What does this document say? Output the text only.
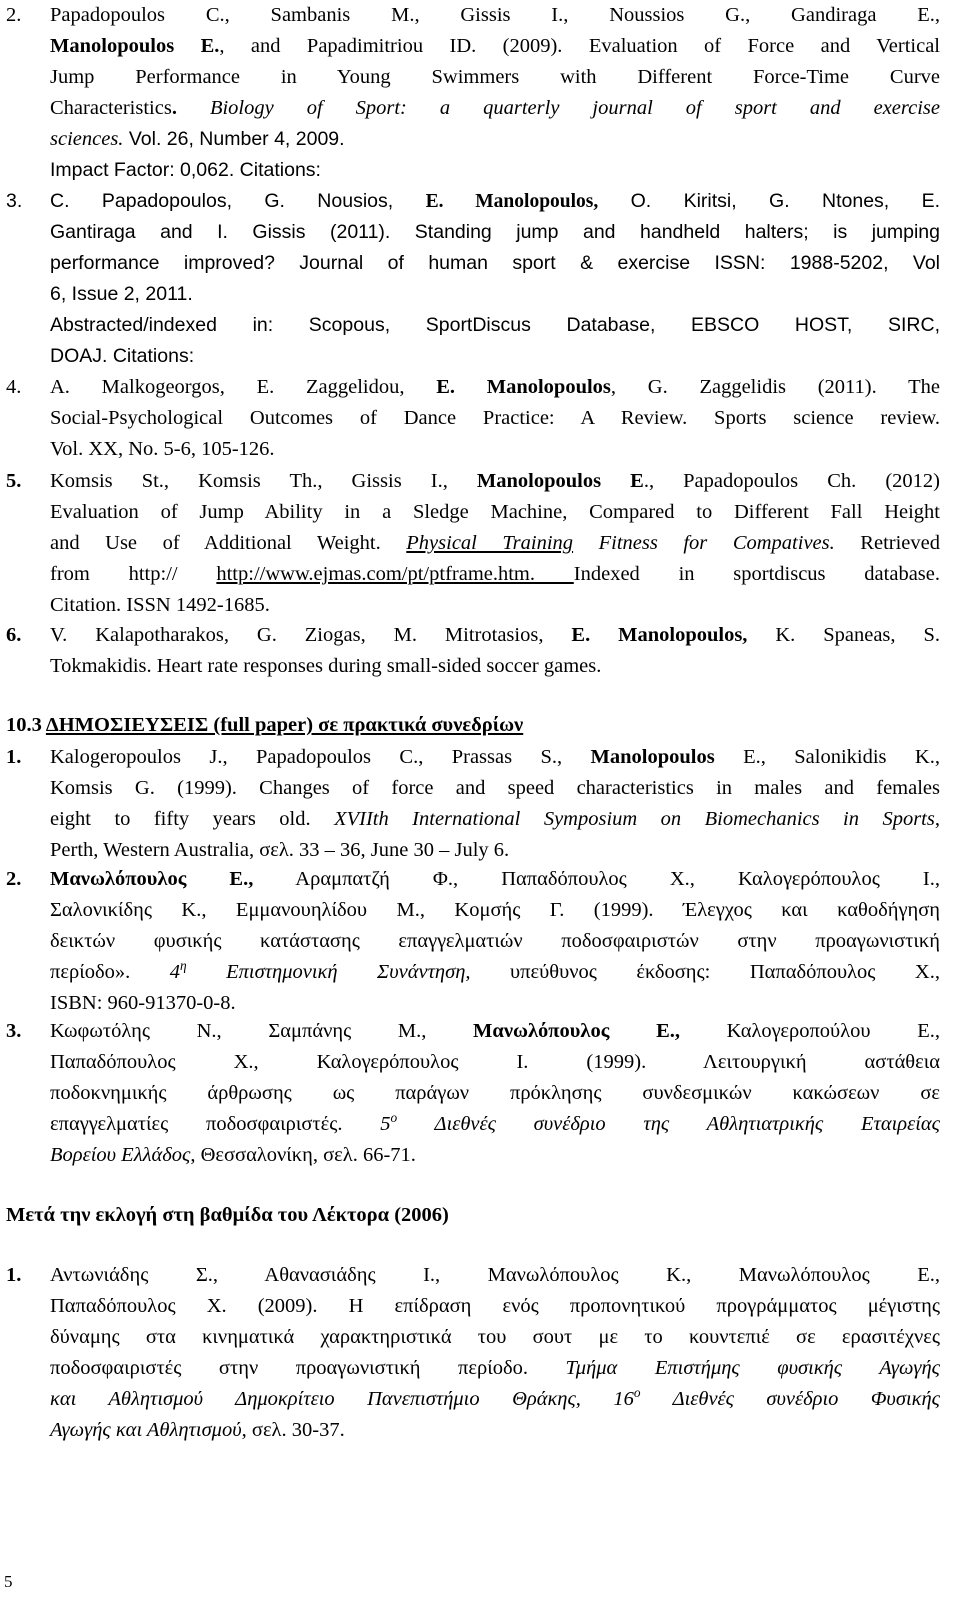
2. Papadopoulos C., Sambanis M., Gissis I., Noussios G., Gandiraga E.,
Manolopoulos E., and Papadimitriou ID. (2009). Evaluation of Force and Vertical
Jump Performance in Young Swimmers with Different Force-Time Curve
Characteristics. Biology of Sport: a quarterly journal of sport and exercise
sciences. Vol. 26, Number 4, 2009.
Impact Factor: 0,062. Citations:
3. C. Papadopoulos, G. Nousios, E. Manolopoulos, O. Kiritsi, G. Ntones, E.
Gantiraga and I. Gissis (2011). Standing jump and handheld halters; is jumping
performance improved? Journal of human sport & exercise ISSN: 1988-5202, Vol
6, Issue 2, 2011.
Abstracted/indexed in: Scopous, SportDiscus Database, EBSCO HOST, SIRC,
DOAJ. Citations:
4. A. Malkogeorgos, E. Zaggelidou, E. Manolopoulos, G. Zaggelidis (2011). The
Social-Psychological Outcomes of Dance Practice: A Review. Sports science review.
Vol. XX, No. 5-6, 105-126.
5. Komsis St., Komsis Th., Gissis I., Manolopoulos E., Papadopoulos Ch. (2012)
Evaluation of Jump Ability in a Sledge Machine, Compared to Different Fall Height
and Use of Additional Weight. Physical Training Fitness for Compatives. Retrieved
from http:// http://www.ejmas.com/pt/ptframe.htm. Indexed in sportdiscus database.
Citation. ISSN 1492-1685.
6. V. Kalapotharakos, G. Ziogas, M. Mitrotasios, E. Manolopoulos, K. Spaneas, S.
Tokmakidis. Heart rate responses during small-sided soccer games.
10.3 ΔΗΜΟΣΙΕΥΣΕΙΣ (full paper) σε πρακτικά συνεδρίων
1. Kalogeropoulos J., Papadopoulos C., Prassas S., Manolopoulos E., Salonikidis K.,
Komsis G. (1999). Changes of force and speed characteristics in males and females
eight to fifty years old. XVIIth International Symposium on Biomechanics in Sports,
Perth, Western Australia, σελ. 33 – 36, June 30 – July 6.
2. Μανωλόπουλος Ε., Αραμπατζή Φ., Παπαδόπουλος Χ., Καλογερόπουλος Ι.,
Σαλονικίδης Κ., Εμμανουηλίδου Μ., Κομσής Γ. (1999). Έλεγχος και καθοδήγηση
δεικτών φυσικής κατάστασης επαγγελματιών ποδοσφαιριστών στην προαγωνιστική
περίοδο». $4^\eta$ Επιστημονική Συνάντηση, υπεύθυνος έκδοσης: Παπαδόπουλος Χ.,
ISBN: 960-91370-0-8.
3. Κωφωτόλης Ν., Σαμπάνης Μ., Μανωλόπουλος Ε., Καλογεροπούλου Ε.,
Παπαδόπουλος Χ., Καλογερόπουλος Ι. (1999). Λειτουργική αστάθεια
ποδοκνημικής άρθρωσης ως παράγων πρόκλησης συνδεσμικών κακώσεων σε
επαγγελματίες ποδοσφαιριστές. $5^o$ Διεθνές συνέδριο της Αθλητιατρικής Εταιρείας
Βορείου Ελλάδος, Θεσσαλονίκη, σελ. 66-71.
Μετά την εκλογή στη βαθμίδα του Λέκτορα (2006)
1. Αντωνιάδης Σ., Αθανασιάδης Ι., Μανωλόπουλος Κ., Μανωλόπουλος Ε.,
Παπαδόπουλος Χ. (2009). Η επίδραση ενός προπονητικού προγράμματος μέγιστης
δύναμης στα κινηματικά χαρακτηριστικά του σουτ με το κουντεπιέ σε ερασιτέχνες
ποδοσφαιριστές στην προαγωνιστική περίοδο. Τμήμα Επιστήμης φυσικής Αγωγής
και Αθλητισμού Δημοκρίτειο Πανεπιστήμιο Θράκης, $16^o$ Διεθνές συνέδριο Φυσικής
Αγωγής και Αθλητισμού, σελ. 30-37.
5
